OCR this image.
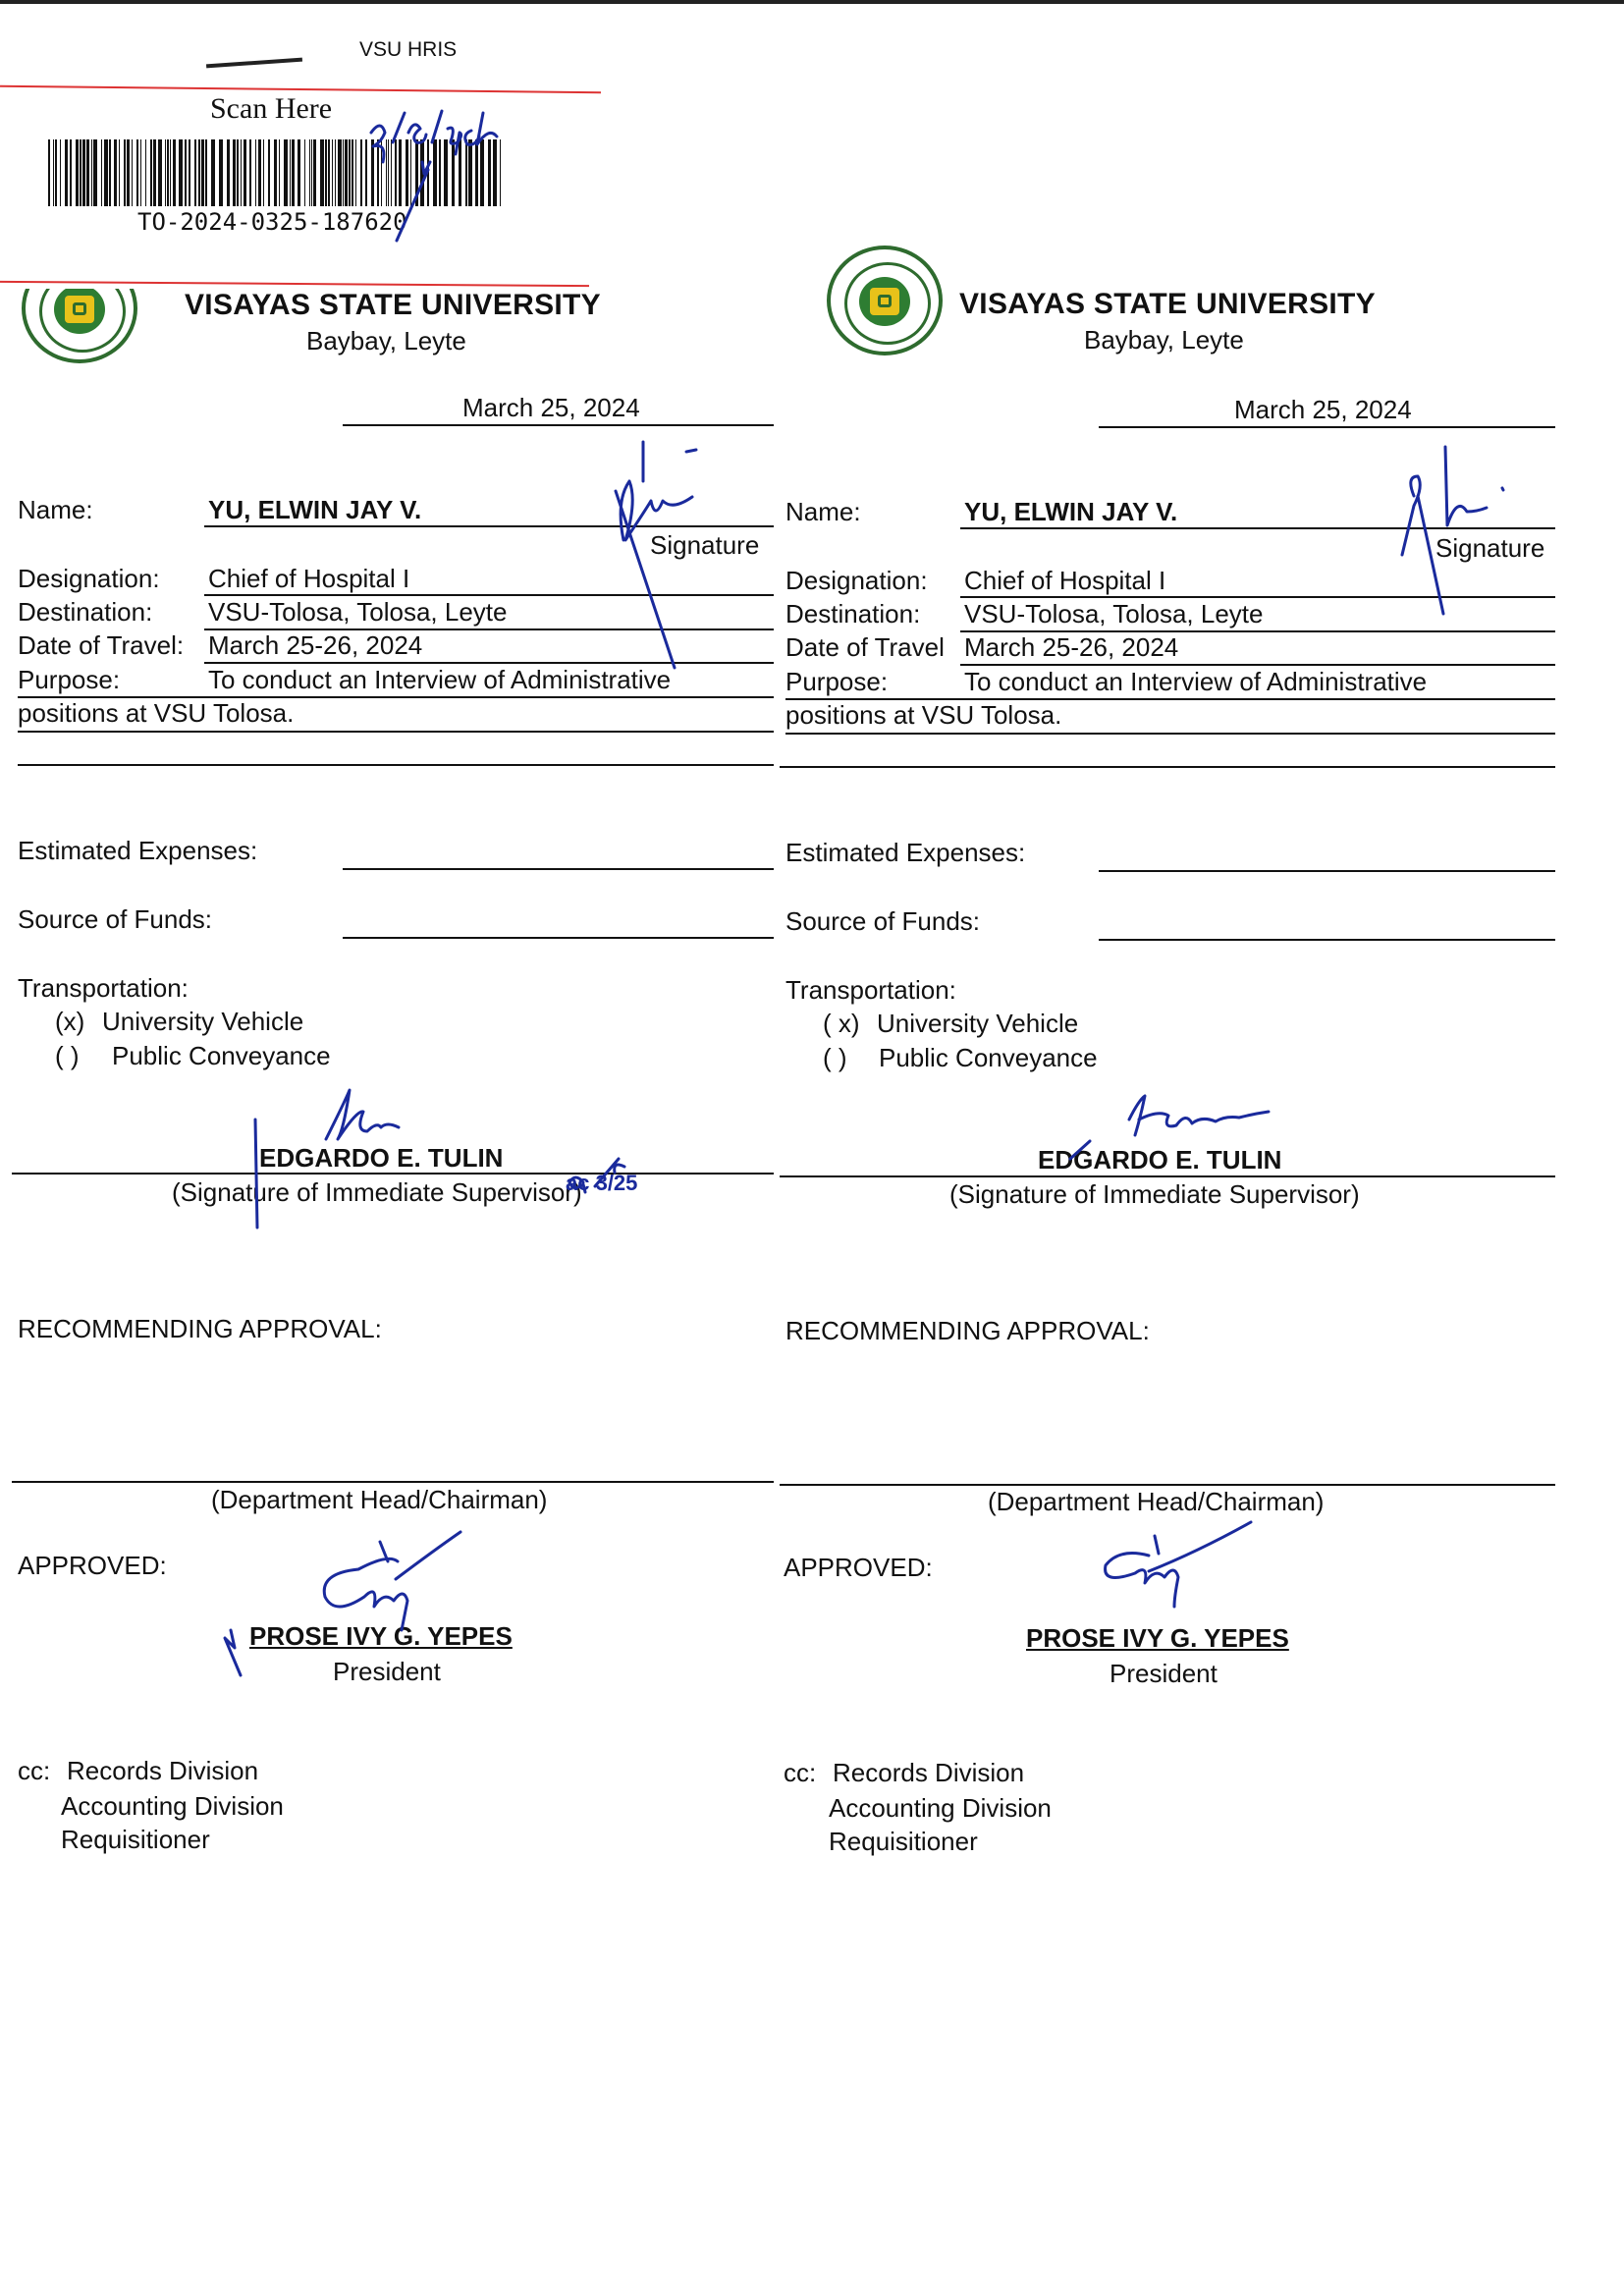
VSU HRIS
Scan Here
TO-2024-0325-187620
VISAYAS STATE UNIVERSITY
Baybay, Leyte
March 25, 2024
Name:	YU, ELWIN JAY V.
Signature
Designation: Chief of Hospital I
Destination: VSU-Tolosa, Tolosa, Leyte
Date of Travel: March 25-26, 2024
Purpose:	To conduct an Interview of Administrative
positions at VSU Tolosa.
Estimated Expenses:
Source of Funds:
Transportation:
(x) University Vehicle
( ) Public Conveyance
EDGARDO E. TULIN
(Signature of Immediate Supervisor)
RECOMMENDING APPROVAL:
(Department Head/Chairman)
APPROVED:
PROSE IVY G. YEPES
President
cc: Records Division
Accounting Division
Requisitioner
ac 3/25
VISAYAS STATE UNIVERSITY
Baybay, Leyte
March 25, 2024
Name:	YU, ELWIN JAY V.
Signature
Designation: Chief of Hospital I
Destination: VSU-Tolosa, Tolosa, Leyte
Date of Travel March 25-26, 2024
Purpose:	To conduct an Interview of Administrative
positions at VSU Tolosa.
Estimated Expenses:
Source of Funds:
Transportation:
( x) University Vehicle
( ) Public Conveyance
EDGARDO E. TULIN
(Signature of Immediate Supervisor)
RECOMMENDING APPROVAL:
(Department Head/Chairman)
APPROVED:
PROSE IVY G. YEPES
President
cc: Records Division
Accounting Division
Requisitioner
